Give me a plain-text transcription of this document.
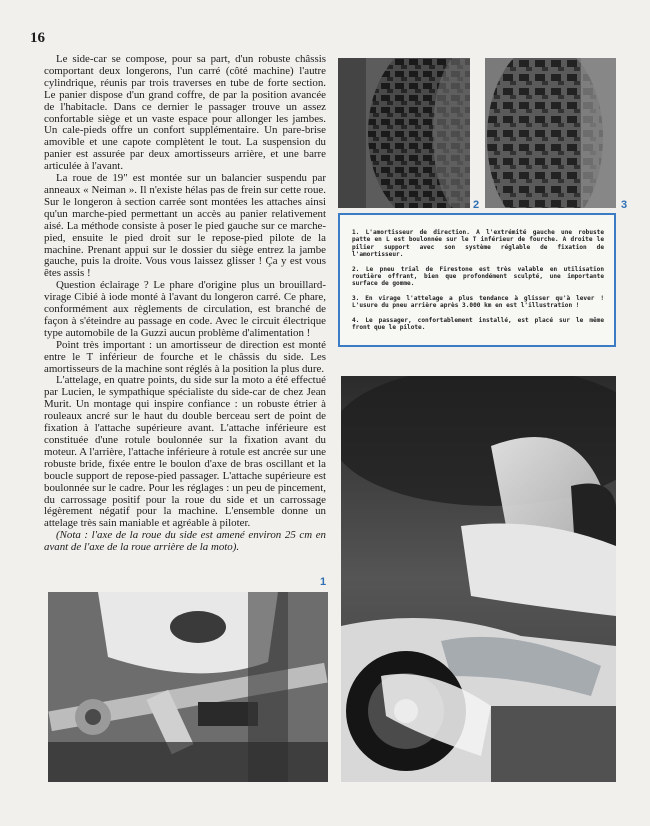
16

Le side-car se compose, pour sa part, d'un robuste châssis comportant deux longerons, l'un carré (côté machine) l'autre cylindrique, réunis par trois traverses en tube de forte section. Le panier dispose d'un grand coffre, de par la position avancée de l'habitacle. Dans ce dernier le passager trouve un assez confortable siège et un vaste espace pour allonger les jambes. Un cale-pieds offre un confort supplémentaire. Un pare-brise amovible et une capote complètent le tout. La suspension du panier est assurée par deux amortisseurs arrière, et une barre articulée à l'avant.

La roue de 19" est montée sur un balancier suspendu par anneaux « Neiman ». Il n'existe hélas pas de frein sur cette roue. Sur le longeron à section carrée sont montées les attaches ainsi qu'un marche-pied permettant un accès au panier relativement aisé. La méthode consiste à poser le pied gauche sur ce marche-pied, ensuite le pied droit sur le repose-pied pilote de la machine. Prenant appui sur le dossier du siège entrez la jambe gauche, puis la droite. Vous vous laissez glisser ! Ça y est vous êtes assis !

Question éclairage ? Le phare d'origine plus un brouillard-virage Cibié à iode monté à l'avant du longeron carré. Ce phare, conformément aux règlements de circulation, est branché de façon à s'éteindre au passage en code. Avec le circuit électrique type automobile de la Guzzi aucun problème d'alimentation !

Point très important : un amortisseur de direction est monté entre le T inférieur de fourche et le châssis du side. Les amortisseurs de la machine sont réglés à la position la plus dure.

L'attelage, en quatre points, du side sur la moto a été effectué par Lucien, le sympathique spécialiste du side-car de chez Jean Murit. Un montage qui inspire confiance : un robuste étrier à rouleaux ancré sur le haut du double berceau sert de point de fixation à l'attache supérieure avant. L'attache inférieure est constituée d'une rotule boulonnée sur la fixation avant du moteur. A l'arrière, l'attache inférieure à rotule est ancrée sur une robuste bride, fixée entre le boulon d'axe de bras oscillant et la boucle support de repose-pied passager. L'attache supérieure est boulonnée sur le cadre. Pour les réglages : un peu de pincement, du carrossage positif pour la roue du side et un carrossage légèrement négatif pour la machine. L'ensemble donne un attelage très sain maniable et agréable à piloter.

(Nota : l'axe de la roue du side est amené environ 25 cm en avant de l'axe de la roue arrière de la moto).

2	3

1. L'amortisseur de direction. A l'extrémité gauche une robuste patte en L est boulonnée sur le T inférieur de fourche. A droite le pilier support avec son système réglable de fixation de l'amortisseur.

2. Le pneu trial de Firestone est très valable en utilisation routière offrant, bien que profondément sculpté, une importante surface de gomme.

3. En virage l'attelage a plus tendance à glisser qu'à lever ! L'usure du pneu arrière après 3.000 km en est l'illustration !

4. Le passager, confortablement installé, est placé sur le même front que le pilote.

1
